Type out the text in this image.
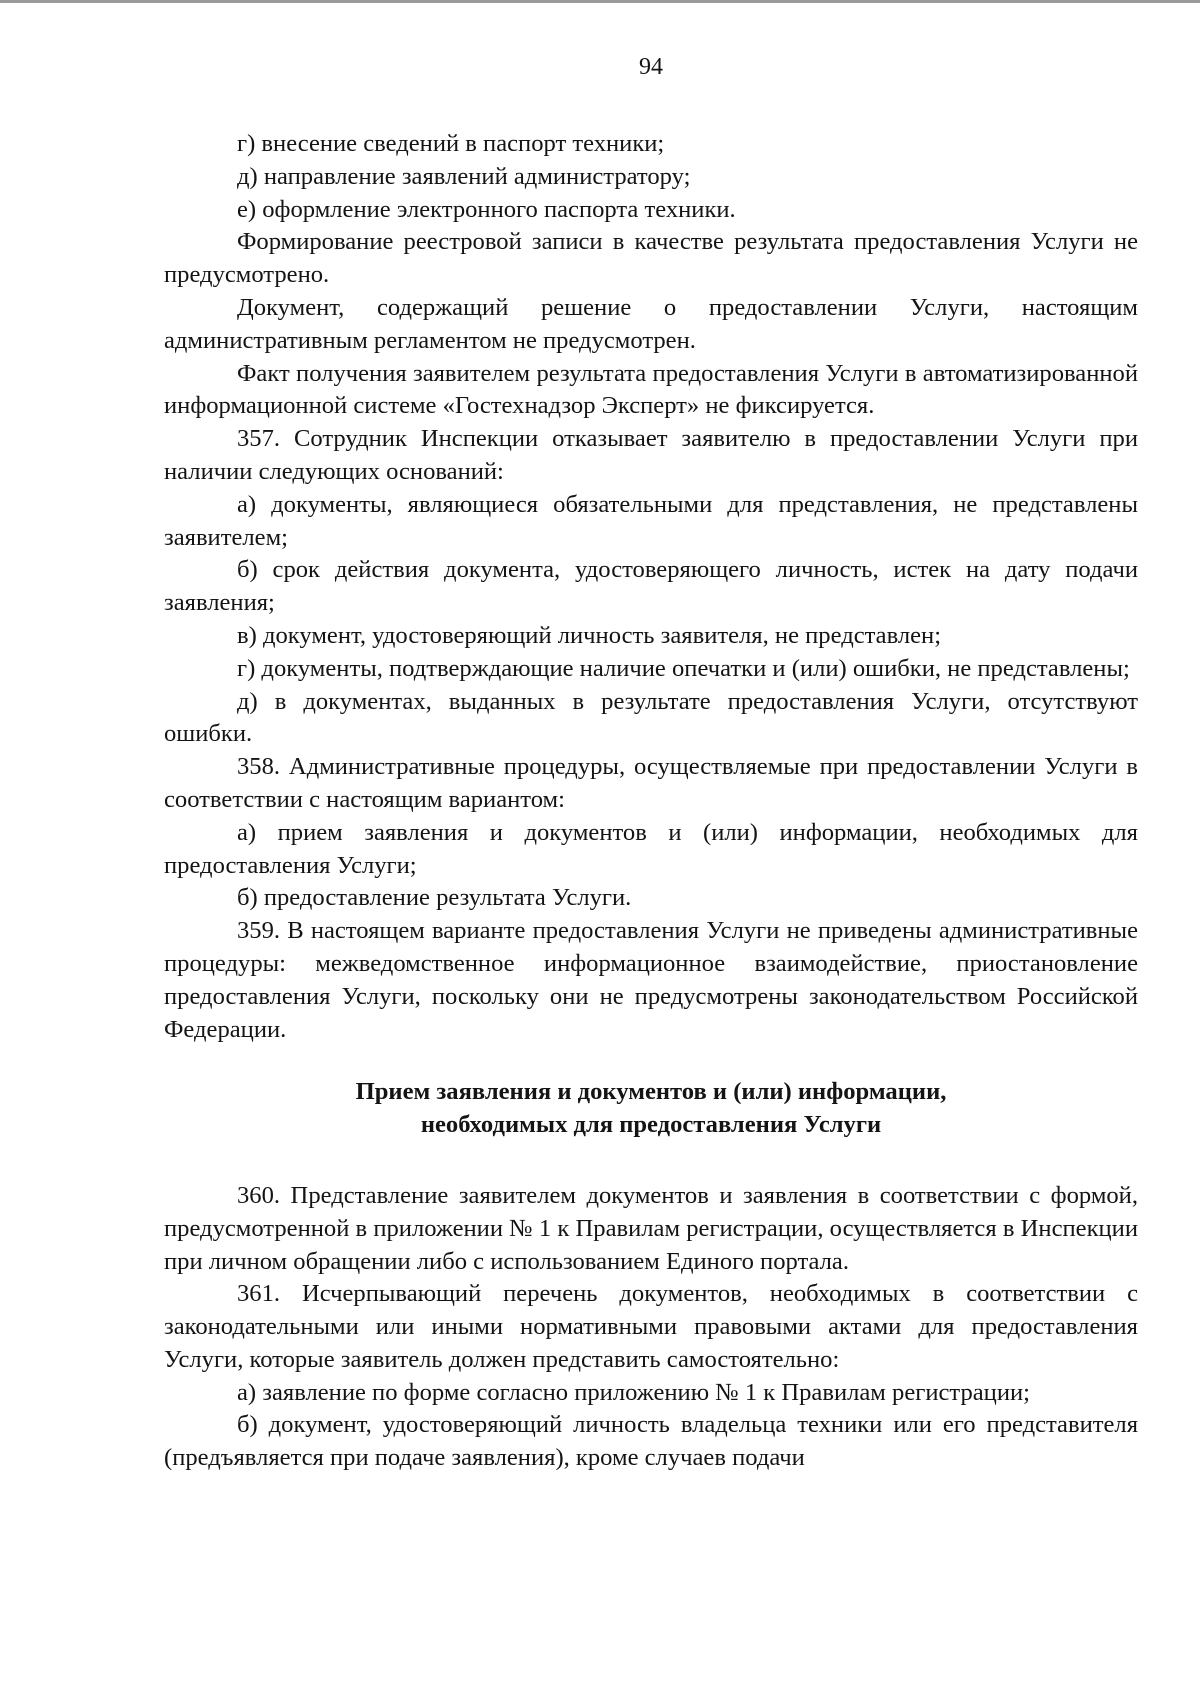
94

г) внесение сведений в паспорт техники;

д) направление заявлений администратору;

е) оформление электронного паспорта техники.

Формирование реестровой записи в качестве результата предоставления Услуги не предусмотрено.

Документ, содержащий решение о предоставлении Услуги, настоящим административным регламентом не предусмотрен.

Факт получения заявителем результата предоставления Услуги в автоматизированной информационной системе «Гостехнадзор Эксперт» не фиксируется.

357. Сотрудник Инспекции отказывает заявителю в предоставлении Услуги при наличии следующих оснований:

а) документы, являющиеся обязательными для представления, не представлены заявителем;

б) срок действия документа, удостоверяющего личность, истек на дату подачи заявления;

в) документ, удостоверяющий личность заявителя, не представлен;

г) документы, подтверждающие наличие опечатки и (или) ошибки, не представлены;

д) в документах, выданных в результате предоставления Услуги, отсутствуют ошибки.

358. Административные процедуры, осуществляемые при предоставлении Услуги в соответствии с настоящим вариантом:

а) прием заявления и документов и (или) информации, необходимых для предоставления Услуги;

б) предоставление результата Услуги.

359. В настоящем варианте предоставления Услуги не приведены административные процедуры: межведомственное информационное взаимодействие, приостановление предоставления Услуги, поскольку они не предусмотрены законодательством Российской Федерации.

Прием заявления и документов и (или) информации,
необходимых для предоставления Услуги

360. Представление заявителем документов и заявления в соответствии с формой, предусмотренной в приложении № 1 к Правилам регистрации, осуществляется в Инспекции при личном обращении либо с использованием Единого портала.

361. Исчерпывающий перечень документов, необходимых в соответствии с законодательными или иными нормативными правовыми актами для предоставления Услуги, которые заявитель должен представить самостоятельно:

а) заявление по форме согласно приложению № 1 к Правилам регистрации;

б) документ, удостоверяющий личность владельца техники или его представителя (предъявляется при подаче заявления), кроме случаев подачи
